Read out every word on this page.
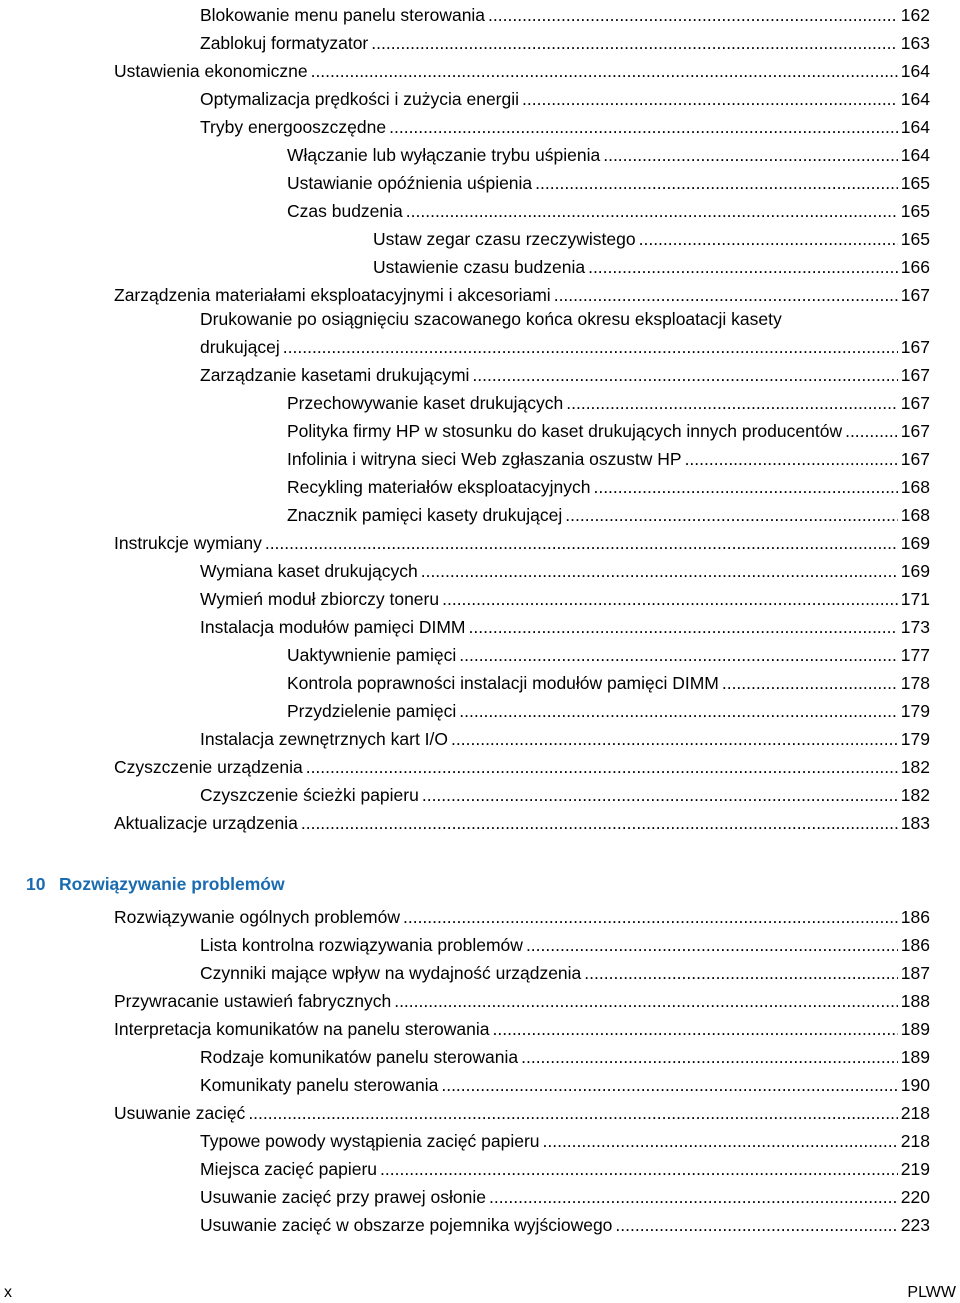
Blokowanie menu panelu sterowania .....	162
Zablokuj formatyzator .....	163
Ustawienia ekonomiczne .....	164
Optymalizacja prędkości i zużycia energii .....	164
Tryby energooszczędne .....	164
Włączanie lub wyłączanie trybu uśpienia .....	164
Ustawianie opóźnienia uśpienia .....	165
Czas budzenia .....	165
Ustaw zegar czasu rzeczywistego .....	165
Ustawienie czasu budzenia .....	166
Zarządzenia materiałami eksploatacyjnymi i akcesoriami .....	167
Drukowanie po osiągnięciu szacowanego końca okresu eksploatacji kasety
drukującej .....	167
Zarządzanie kasetami drukującymi .....	167
Przechowywanie kaset drukujących .....	167
Polityka firmy HP w stosunku do kaset drukujących innych producentów .....	167
Infolinia i witryna sieci Web zgłaszania oszustw HP .....	167
Recykling materiałów eksploatacyjnych .....	168
Znacznik pamięci kasety drukującej .....	168
Instrukcje wymiany .....	169
Wymiana kaset drukujących .....	169
Wymień moduł zbiorczy toneru .....	171
Instalacja modułów pamięci DIMM .....	173
Uaktywnienie pamięci .....	177
Kontrola poprawności instalacji modułów pamięci DIMM .....	178
Przydzielenie pamięci .....	179
Instalacja zewnętrznych kart I/O .....	179
Czyszczenie urządzenia .....	182
Czyszczenie ścieżki papieru .....	182
Aktualizacje urządzenia .....	183
10 Rozwiązywanie problemów
Rozwiązywanie ogólnych problemów .....	186
Lista kontrolna rozwiązywania problemów .....	186
Czynniki mające wpływ na wydajność urządzenia .....	187
Przywracanie ustawień fabrycznych .....	188
Interpretacja komunikatów na panelu sterowania .....	189
Rodzaje komunikatów panelu sterowania .....	189
Komunikaty panelu sterowania .....	190
Usuwanie zacięć .....	218
Typowe powody wystąpienia zacięć papieru .....	218
Miejsca zacięć papieru .....	219
Usuwanie zacięć przy prawej osłonie .....	220
Usuwanie zacięć w obszarze pojemnika wyjściowego .....	223
x	PLWW
